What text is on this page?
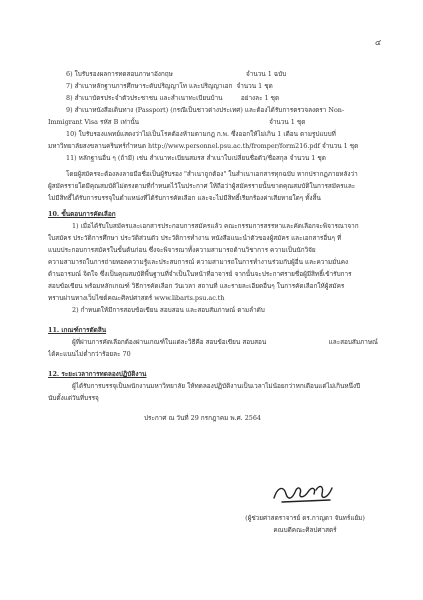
๔
6) ใบรับรองผลการทดสอบภาษาอังกฤษ	จำนวน 1 ฉบับ
7) สำเนาหลักฐานการศึกษาระดับปริญญาโท และปริญญาเอก จำนวน 1 ชุด
8) สำเนาบัตรประจำตัวประชาชน และสำเนาทะเบียนบ้าน	อย่างละ 1 ชุด
9) สำเนาหนังสือเดินทาง (Passport) (กรณีเป็นชาวต่างประเทศ) และต้องได้รับการตรวจลงตรา Non-
Immigrant Visa รหัส B เท่านั้น	จำนวน 1 ชุด
10) ใบรับรองแพทย์แสดงว่าไม่เป็นโรคต้องห้ามตามกฎ ก.พ. ซึ่งออกให้ไม่เกิน 1 เดือน ตามรูปแบบที่
มหาวิทยาลัยสงขลานครินทร์กำหนด http://www.personnel.psu.ac.th/fromper/form216.pdf จำนวน 1 ชุด
11) หลักฐานอื่น ๆ (ถ้ามี) เช่น สำเนาทะเบียนสมรส สำเนาใบเปลี่ยนชื่อตัว/ชื่อสกุล จำนวน 1 ชุด
โดยผู้สมัครจะต้องลงลายมือชื่อเป็นผู้รับรอง "สำเนาถูกต้อง" ในสำเนาเอกสารทุกฉบับ หากปรากฏภายหลังว่า
ผู้สมัครรายใดมีคุณสมบัติไม่ตรงตามที่กำหนดไว้ในประกาศ ให้ถือว่าผู้สมัครรายนั้นขาดคุณสมบัติในการสมัครและ
ไม่มีสิทธิ์ได้รับการบรรจุในตำแหน่งที่ได้รับการคัดเลือก และจะไม่มีสิทธิ์เรียกร้องค่าเสียหายใดๆ ทั้งสิ้น
10. ขั้นตอนการคัดเลือก
1) เมื่อได้รับใบสมัครและเอกสารประกอบการสมัครแล้ว คณะกรรมการสรรหาและคัดเลือกจะพิจารณาจาก
ใบสมัคร ประวัติการศึกษา ประวัติส่วนตัว ประวัติการทำงาน หนังสือแนะนำตัวของผู้สมัคร และเอกสารอื่นๆ ที่
แนบประกอบการสมัครในขั้นต้นก่อน ซึ่งจะพิจารณาทั้งความสามารถด้านวิชาการ ความเป็นนักวิจัย
ความสามารถในการถ่ายทอดความรู้และประสบการณ์ ความสามารถในการทำงานร่วมกับผู้อื่น และความมั่นคง
ด้านอารมณ์ จิตใจ ซึ่งเป็นคุณสมบัติพื้นฐานที่จำเป็นในหน้าที่อาจารย์ จากนั้นจะประกาศรายชื่อผู้มีสิทธิ์เข้ารับการ
สอบข้อเขียน พร้อมหลักเกณฑ์ วิธีการคัดเลือก วันเวลา สถานที่ และรายละเอียดอื่นๆ ในการคัดเลือกให้ผู้สมัคร
ทราบผ่านทางเว็บไซต์คณะศิลปศาสตร์ www.libarts.psu.ac.th
2) กำหนดให้มีการสอบข้อเขียน สอบสอน และสอบสัมภาษณ์ ตามลำดับ
11. เกณฑ์การตัดสิน
ผู้ที่ผ่านการคัดเลือกต้องผ่านเกณฑ์ในแต่ละวิธีคือ สอบข้อเขียน สอบสอน	และสอบสัมภาษณ์
ได้คะแนนไม่ต่ำกว่าร้อยละ 70
12. ระยะเวลาการทดลองปฏิบัติงาน
ผู้ได้รับการบรรจุเป็นพนักงานมหาวิทยาลัย ให้ทดลองปฏิบัติงานเป็นเวลาไม่น้อยกว่าหกเดือนแต่ไม่เกินหนึ่งปี
นับตั้งแต่วันที่บรรจุ
ประกาศ ณ วันที่ 29 กรกฎาคม พ.ศ. 2564
(ผู้ช่วยศาสตราจารย์ ดร.กาญดา จันทร์แย้ม)
คณบดีคณะศิลปศาสตร์
